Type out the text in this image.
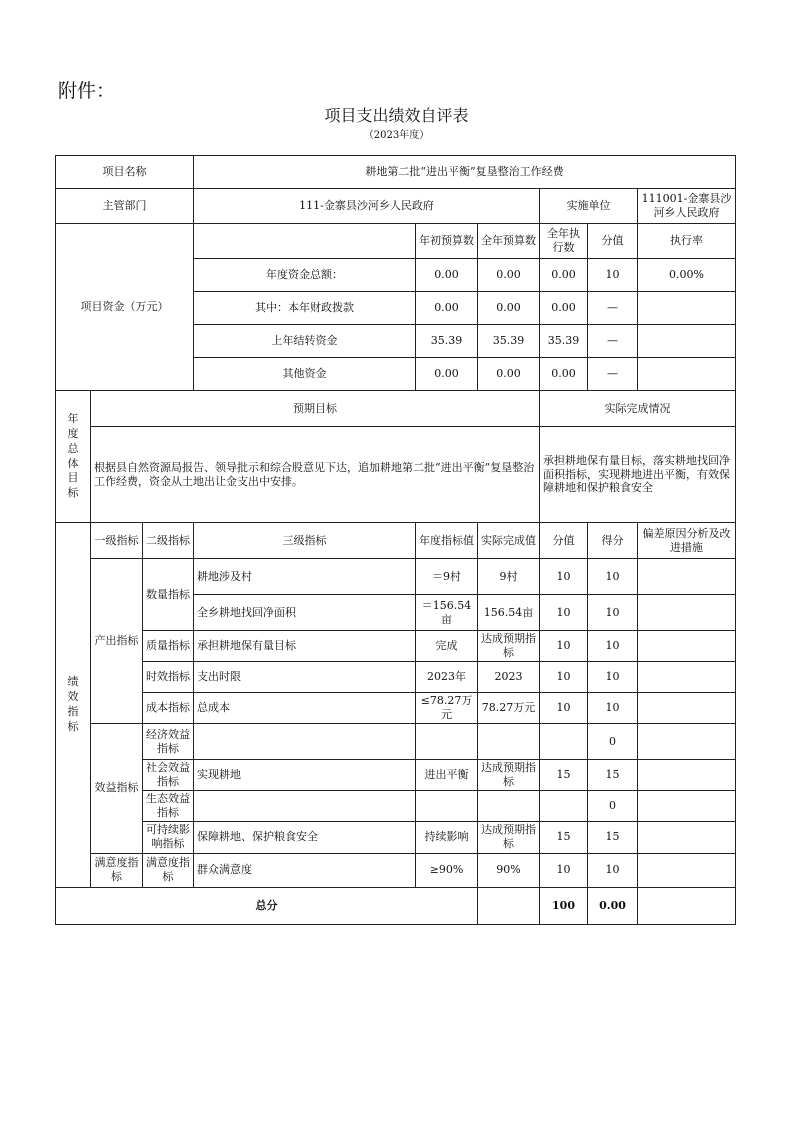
附件：
项目支出绩效自评表
（2023年度）
项目名称			耕地第二批“进出平衡”复垦整治工作经费						
主管部门			111-金寨县沙河乡人民政府			实施单位		111001-金寨县沙河乡人民政府	
项目资金（万元）				年初预算数	全年预算数	全年执行数	分值	执行率	
			年度资金总额：	0.00	0.00	0.00	10	0.00%	
			其中：本年财政拨款	0.00	0.00	0.00	—		
			上年结转资金	35.39	35.39	35.39	—		
			其他资金	0.00	0.00	0.00	—		
年度总体目标	预期目标					实际完成情况			
	根据县自然资源局报告、领导批示和综合股意见下达，追加耕地第二批“进出平衡”复垦整治工作经费，资金从土地出让金支出中安排。					承担耕地保有量目标，落实耕地找回净面积指标，实现耕地进出平衡，有效保障耕地和保护粮食安全			
绩效指标	一级指标	二级指标	三级指标	年度指标值	实际完成值	分值	得分	偏差原因分析及改进措施	
	产出指标	数量指标	耕地涉及村	＝9村	9村	10	10		
			全乡耕地找回净面积	＝156.54亩	156.54亩	10	10		
		质量指标	承担耕地保有量目标	完成	达成预期指标	10	10		
		时效指标	支出时限	2023年	2023	10	10		
		成本指标	总成本	≤78.27万元	78.27万元	10	10		
	效益指标	经济效益指标					0		
		社会效益指标	实现耕地	进出平衡	达成预期指标	15	15		
		生态效益指标					0		
		可持续影响指标	保障耕地、保护粮食安全	持续影响	达成预期指标	15	15		
	满意度指标	满意度指标	群众满意度	≥90%	90%	10	10		
总分						100	0.00		
